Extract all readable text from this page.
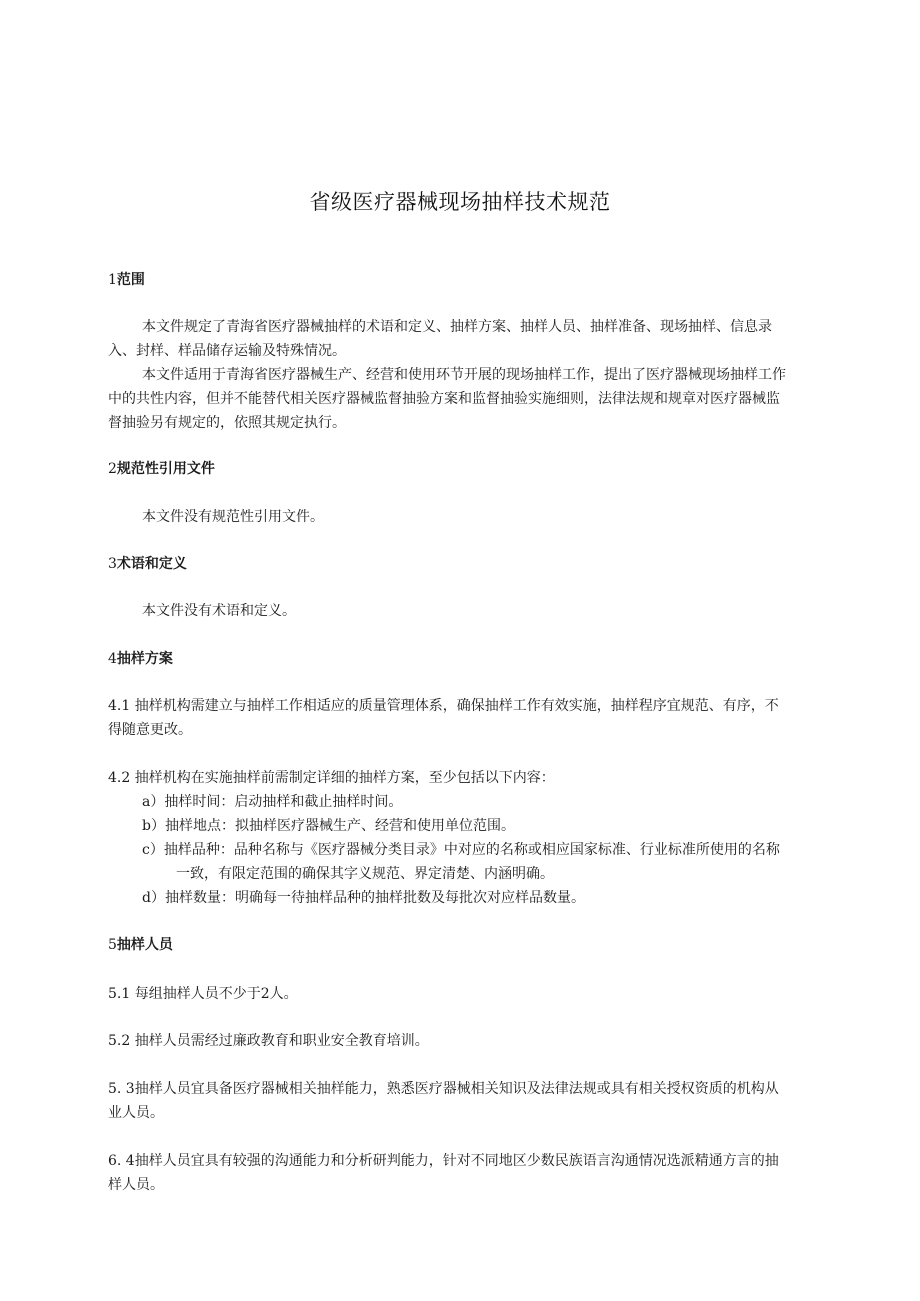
省级医疗器械现场抽样技术规范
1范围
本文件规定了青海省医疗器械抽样的术语和定义、抽样方案、抽样人员、抽样准备、现场抽样、信息录
入、封样、样品储存运输及特殊情况。
本文件适用于青海省医疗器械生产、经营和使用环节开展的现场抽样工作，提出了医疗器械现场抽样工作
中的共性内容，但并不能替代相关医疗器械监督抽验方案和监督抽验实施细则，法律法规和规章对医疗器械监
督抽验另有规定的，依照其规定执行。
2规范性引用文件
本文件没有规范性引用文件。
3术语和定义
本文件没有术语和定义。
4抽样方案
4.1 抽样机构需建立与抽样工作相适应的质量管理体系，确保抽样工作有效实施，抽样程序宜规范、有序，不
得随意更改。
4.2 抽样机构在实施抽样前需制定详细的抽样方案，至少包括以下内容：
a）抽样时间：启动抽样和截止抽样时间。
b）抽样地点：拟抽样医疗器械生产、经营和使用单位范围。
c）抽样品种：品种名称与《医疗器械分类目录》中对应的名称或相应国家标准、行业标准所使用的名称
一致，有限定范围的确保其字义规范、界定清楚、内涵明确。
d）抽样数量：明确每一待抽样品种的抽样批数及每批次对应样品数量。
5抽样人员
5.1 每组抽样人员不少于2人。
5.2 抽样人员需经过廉政教育和职业安全教育培训。
5. 3抽样人员宜具备医疗器械相关抽样能力，熟悉医疗器械相关知识及法律法规或具有相关授权资质的机构从
业人员。
6. 4抽样人员宜具有较强的沟通能力和分析研判能力，针对不同地区少数民族语言沟通情况选派精通方言的抽
样人员。
